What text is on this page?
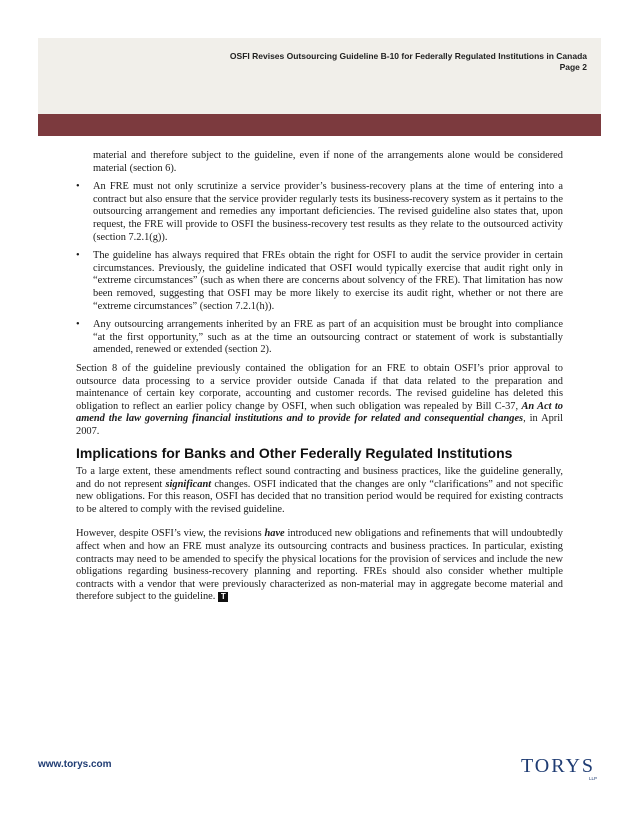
OSFI Revises Outsourcing Guideline B-10 for Federally Regulated Institutions in Canada
Page 2

material and therefore subject to the guideline, even if none of the arrangements alone would be considered material (section 6).

• An FRE must not only scrutinize a service provider’s business-recovery plans at the time of entering into a contract but also ensure that the service provider regularly tests its business-recovery system as it pertains to the outsourcing arrangement and remedies any important deficiencies. The revised guideline also states that, upon request, the FRE will provide to OSFI the business-recovery test results as they relate to the outsourced activity (section 7.2.1(g)).
• The guideline has always required that FREs obtain the right for OSFI to audit the service provider in certain circumstances. Previously, the guideline indicated that OSFI would typically exercise that audit right only in “extreme circumstances” (such as when there are concerns about solvency of the FRE). That limitation has now been removed, suggesting that OSFI may be more likely to exercise its audit right, whether or not there are “extreme circumstances” (section 7.2.1(h)).
• Any outsourcing arrangements inherited by an FRE as part of an acquisition must be brought into compliance “at the first opportunity,” such as at the time an outsourcing contract or statement of work is substantially amended, renewed or extended (section 2).

Section 8 of the guideline previously contained the obligation for an FRE to obtain OSFI’s prior approval to outsource data processing to a service provider outside Canada if that data related to the preparation and maintenance of certain key corporate, accounting and customer records. The revised guideline has deleted this obligation to reflect an earlier policy change by OSFI, when such obligation was repealed by Bill C-37, An Act to amend the law governing financial institutions and to provide for related and consequential changes, in April 2007.

Implications for Banks and Other Federally Regulated Institutions

To a large extent, these amendments reflect sound contracting and business practices, like the guideline generally, and do not represent significant changes. OSFI indicated that the changes are only “clarifications” and not specific new obligations. For this reason, OSFI has decided that no transition period would be required for existing contracts to be altered to comply with the revised guideline.

However, despite OSFI’s view, the revisions have introduced new obligations and refinements that will undoubtedly affect when and how an FRE must analyze its outsourcing contracts and business practices. In particular, existing contracts may need to be amended to specify the physical locations for the provision of services and include the new obligations regarding business-recovery planning and reporting. FREs should also consider whether multiple contracts with a vendor that were previously characterized as non-material may in aggregate become material and therefore subject to the guideline. T

www.torys.com	TORYS
LLP
